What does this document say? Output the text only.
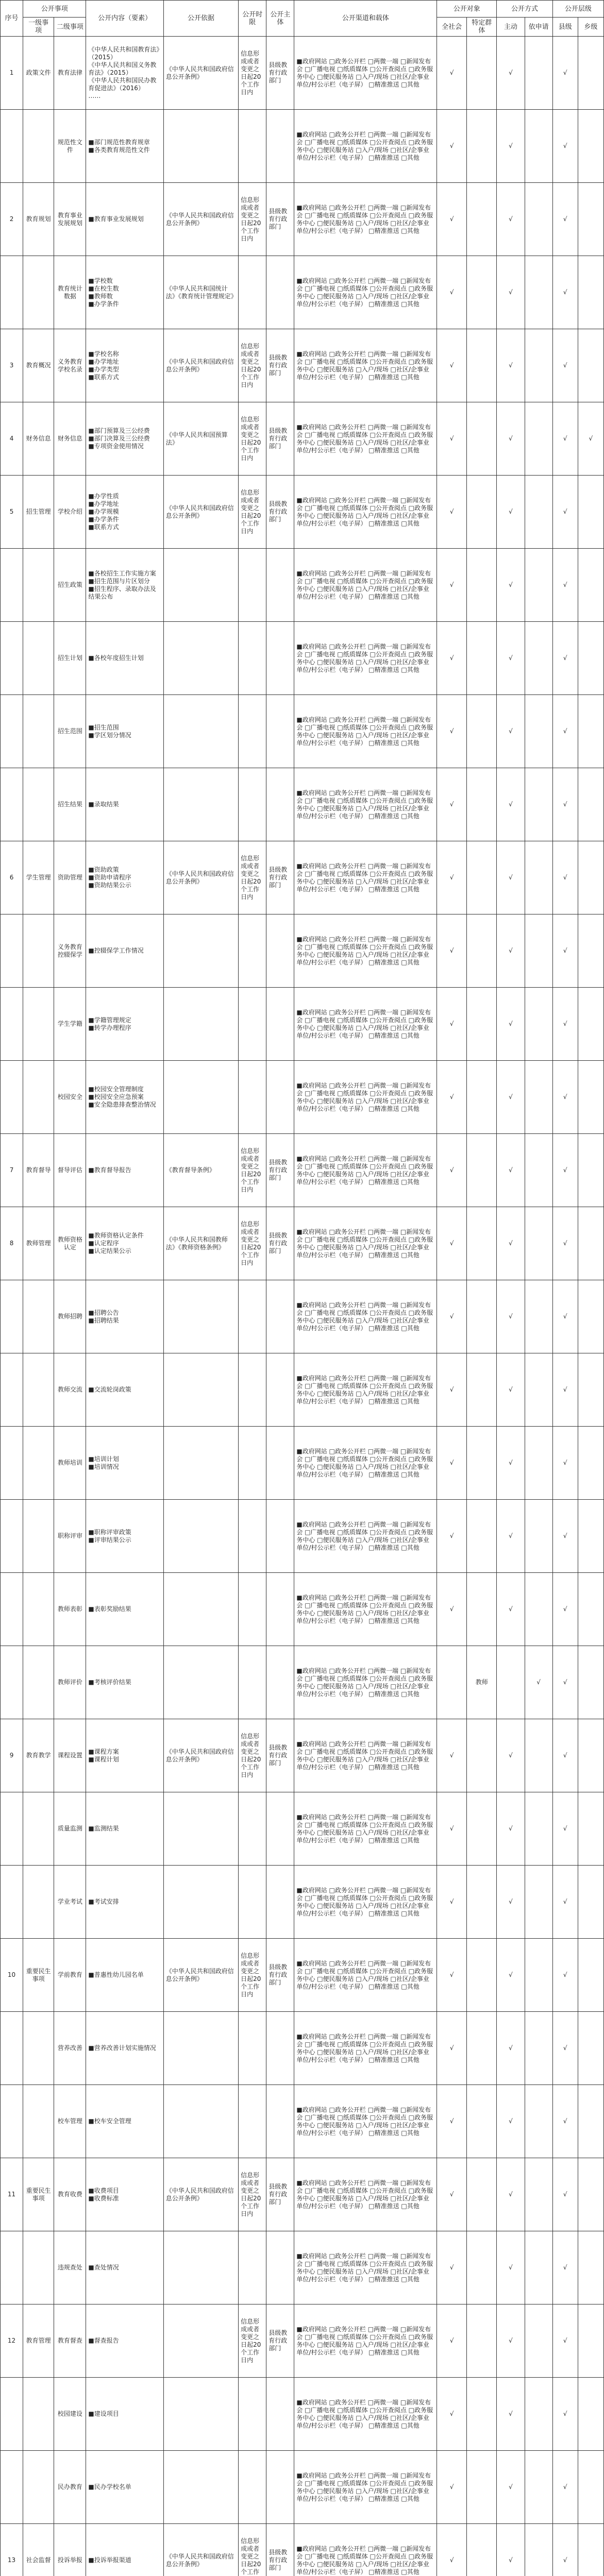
序号	公开事项		公开内容（要素）	公开依据	公开时限	公开主体	公开渠道和载体	公开对象		公开方式		公开层级	
	一级事项	二级事项						全社会	特定群体	主动	依申请	县级	乡级
1	政策文件	教育法律	《中华人民共和国教育法》（2015）
《中华人民共和国义务教育法》（2015）
《中华人民共和国民办教育促进法》（2016）
……	《中华人民共和国政府信息公开条例》	信息形成或者变更之日起20个工作日内	县级教育行政部门	■政府网站 □政务公开栏 □两微一端 □新闻发布会 □广播电视 □纸质媒体 □公开查阅点 □政务服务中心 □便民服务站 □入户/现场 □社区/企事业单位/村公示栏（电子屏） □精准推送 □其他	√		√		√	
		规范性文件	■部门规范性教育规章
■各类教育规范性文件				■政府网站 □政务公开栏 □两微一端 □新闻发布会 □广播电视 □纸质媒体 □公开查阅点 □政务服务中心 □便民服务站 □入户/现场 □社区/企事业单位/村公示栏（电子屏） □精准推送 □其他	√		√		√	
2	教育规划	教育事业发展规划	■教育事业发展规划	《中华人民共和国政府信息公开条例》	信息形成或者变更之日起20个工作日内	县级教育行政部门	■政府网站 □政务公开栏 □两微一端 □新闻发布会 □广播电视 □纸质媒体 □公开查阅点 □政务服务中心 □便民服务站 □入户/现场 □社区/企事业单位/村公示栏（电子屏） □精准推送 □其他	√		√		√	
		教育统计数据	■学校数
■在校生数
■教师数
■办学条件	《中华人民共和国统计法》《教育统计管理规定》			■政府网站 □政务公开栏 □两微一端 □新闻发布会 □广播电视 □纸质媒体 □公开查阅点 □政务服务中心 □便民服务站 □入户/现场 □社区/企事业单位/村公示栏（电子屏） □精准推送 □其他	√		√		√	
3	教育概况	义务教育学校名录	■学校名称
■办学地址
■办学类型
■联系方式	《中华人民共和国政府信息公开条例》	信息形成或者变更之日起20个工作日内	县级教育行政部门	■政府网站 □政务公开栏 □两微一端 □新闻发布会 □广播电视 □纸质媒体 □公开查阅点 □政务服务中心 □便民服务站 □入户/现场 □社区/企事业单位/村公示栏（电子屏） □精准推送 □其他	√		√		√	
4	财务信息	财务信息	■部门预算及三公经费
■部门决算及三公经费
■专项资金使用情况	《中华人民共和国预算法》	信息形成或者变更之日起20个工作日内	县级教育行政部门	■政府网站 □政务公开栏 □两微一端 □新闻发布会 □广播电视 □纸质媒体 □公开查阅点 □政务服务中心 □便民服务站 □入户/现场 □社区/企事业单位/村公示栏（电子屏） □精准推送 □其他	√		√		√	√
5	招生管理	学校介绍	■办学性质
■办学地址
■办学规模
■办学条件
■联系方式	《中华人民共和国政府信息公开条例》	信息形成或者变更之日起20个工作日内	县级教育行政部门	■政府网站 □政务公开栏 □两微一端 □新闻发布会 □广播电视 □纸质媒体 □公开查阅点 □政务服务中心 □便民服务站 □入户/现场 □社区/企事业单位/村公示栏（电子屏） □精准推送 □其他	√		√		√	
		招生政策	■各校招生工作实施方案
■招生范围与片区划分
■招生程序、录取办法及结果公布				■政府网站 □政务公开栏 □两微一端 □新闻发布会 □广播电视 □纸质媒体 □公开查阅点 □政务服务中心 □便民服务站 □入户/现场 □社区/企事业单位/村公示栏（电子屏） □精准推送 □其他	√		√		√	
		招生计划	■各校年度招生计划				■政府网站 □政务公开栏 □两微一端 □新闻发布会 □广播电视 □纸质媒体 □公开查阅点 □政务服务中心 □便民服务站 □入户/现场 □社区/企事业单位/村公示栏（电子屏） □精准推送 □其他	√		√		√	
		招生范围	■招生范围
■学区划分情况				■政府网站 □政务公开栏 □两微一端 □新闻发布会 □广播电视 □纸质媒体 □公开查阅点 □政务服务中心 □便民服务站 □入户/现场 □社区/企事业单位/村公示栏（电子屏） □精准推送 □其他	√		√		√	
		招生结果	■录取结果				■政府网站 □政务公开栏 □两微一端 □新闻发布会 □广播电视 □纸质媒体 □公开查阅点 □政务服务中心 □便民服务站 □入户/现场 □社区/企事业单位/村公示栏（电子屏） □精准推送 □其他	√		√		√	
6	学生管理	资助管理	■资助政策
■资助申请程序
■资助结果公示	《中华人民共和国政府信息公开条例》	信息形成或者变更之日起20个工作日内	县级教育行政部门	■政府网站 □政务公开栏 □两微一端 □新闻发布会 □广播电视 □纸质媒体 □公开查阅点 □政务服务中心 □便民服务站 □入户/现场 □社区/企事业单位/村公示栏（电子屏） □精准推送 □其他	√		√		√	
		义务教育控辍保学	■控辍保学工作情况				■政府网站 □政务公开栏 □两微一端 □新闻发布会 □广播电视 □纸质媒体 □公开查阅点 □政务服务中心 □便民服务站 □入户/现场 □社区/企事业单位/村公示栏（电子屏） □精准推送 □其他	√		√		√	
		学生学籍	■学籍管理规定
■转学办理程序				■政府网站 □政务公开栏 □两微一端 □新闻发布会 □广播电视 □纸质媒体 □公开查阅点 □政务服务中心 □便民服务站 □入户/现场 □社区/企事业单位/村公示栏（电子屏） □精准推送 □其他	√		√		√	
		校园安全	■校园安全管理制度
■校园安全应急预案
■安全隐患排查整治情况				■政府网站 □政务公开栏 □两微一端 □新闻发布会 □广播电视 □纸质媒体 □公开查阅点 □政务服务中心 □便民服务站 □入户/现场 □社区/企事业单位/村公示栏（电子屏） □精准推送 □其他	√		√		√	
7	教育督导	督导评估	■教育督导报告	《教育督导条例》	信息形成或者变更之日起20个工作日内	县级教育行政部门	■政府网站 □政务公开栏 □两微一端 □新闻发布会 □广播电视 □纸质媒体 □公开查阅点 □政务服务中心 □便民服务站 □入户/现场 □社区/企事业单位/村公示栏（电子屏） □精准推送 □其他	√		√		√	
8	教师管理	教师资格认定	■教师资格认定条件
■认定程序
■认定结果公示	《中华人民共和国教师法》《教师资格条例》	信息形成或者变更之日起20个工作日内	县级教育行政部门	■政府网站 □政务公开栏 □两微一端 □新闻发布会 □广播电视 □纸质媒体 □公开查阅点 □政务服务中心 □便民服务站 □入户/现场 □社区/企事业单位/村公示栏（电子屏） □精准推送 □其他	√		√		√	
		教师招聘	■招聘公告
■招聘结果				■政府网站 □政务公开栏 □两微一端 □新闻发布会 □广播电视 □纸质媒体 □公开查阅点 □政务服务中心 □便民服务站 □入户/现场 □社区/企事业单位/村公示栏（电子屏） □精准推送 □其他	√		√		√	
		教师交流	■交流轮岗政策				■政府网站 □政务公开栏 □两微一端 □新闻发布会 □广播电视 □纸质媒体 □公开查阅点 □政务服务中心 □便民服务站 □入户/现场 □社区/企事业单位/村公示栏（电子屏） □精准推送 □其他	√		√		√	
		教师培训	■培训计划
■培训情况				■政府网站 □政务公开栏 □两微一端 □新闻发布会 □广播电视 □纸质媒体 □公开查阅点 □政务服务中心 □便民服务站 □入户/现场 □社区/企事业单位/村公示栏（电子屏） □精准推送 □其他	√		√		√	
		职称评审	■职称评审政策
■评审结果公示				■政府网站 □政务公开栏 □两微一端 □新闻发布会 □广播电视 □纸质媒体 □公开查阅点 □政务服务中心 □便民服务站 □入户/现场 □社区/企事业单位/村公示栏（电子屏） □精准推送 □其他	√		√		√	
		教师表彰	■表彰奖励结果				■政府网站 □政务公开栏 □两微一端 □新闻发布会 □广播电视 □纸质媒体 □公开查阅点 □政务服务中心 □便民服务站 □入户/现场 □社区/企事业单位/村公示栏（电子屏） □精准推送 □其他	√		√		√	
		教师评价	■考核评价结果				■政府网站 □政务公开栏 □两微一端 □新闻发布会 □广播电视 □纸质媒体 □公开查阅点 □政务服务中心 □便民服务站 □入户/现场 □社区/企事业单位/村公示栏（电子屏） □精准推送 □其他		教师		√	√	
9	教育教学	课程设置	■课程方案
■课程计划	《中华人民共和国政府信息公开条例》	信息形成或者变更之日起20个工作日内	县级教育行政部门	■政府网站 □政务公开栏 □两微一端 □新闻发布会 □广播电视 □纸质媒体 □公开查阅点 □政务服务中心 □便民服务站 □入户/现场 □社区/企事业单位/村公示栏（电子屏） □精准推送 □其他	√		√		√	
		质量监测	■监测结果				■政府网站 □政务公开栏 □两微一端 □新闻发布会 □广播电视 □纸质媒体 □公开查阅点 □政务服务中心 □便民服务站 □入户/现场 □社区/企事业单位/村公示栏（电子屏） □精准推送 □其他	√		√		√	
		学业考试	■考试安排				■政府网站 □政务公开栏 □两微一端 □新闻发布会 □广播电视 □纸质媒体 □公开查阅点 □政务服务中心 □便民服务站 □入户/现场 □社区/企事业单位/村公示栏（电子屏） □精准推送 □其他	√		√		√	
10	重要民生事项	学前教育	■普惠性幼儿园名单	《中华人民共和国政府信息公开条例》	信息形成或者变更之日起20个工作日内	县级教育行政部门	■政府网站 □政务公开栏 □两微一端 □新闻发布会 □广播电视 □纸质媒体 □公开查阅点 □政务服务中心 □便民服务站 □入户/现场 □社区/企事业单位/村公示栏（电子屏） □精准推送 □其他	√		√		√	
		营养改善	■营养改善计划实施情况				■政府网站 □政务公开栏 □两微一端 □新闻发布会 □广播电视 □纸质媒体 □公开查阅点 □政务服务中心 □便民服务站 □入户/现场 □社区/企事业单位/村公示栏（电子屏） □精准推送 □其他	√		√		√	
		校车管理	■校车安全管理				■政府网站 □政务公开栏 □两微一端 □新闻发布会 □广播电视 □纸质媒体 □公开查阅点 □政务服务中心 □便民服务站 □入户/现场 □社区/企事业单位/村公示栏（电子屏） □精准推送 □其他	√		√		√	
11	重要民生事项	教育收费	■收费项目
■收费标准	《中华人民共和国政府信息公开条例》	信息形成或者变更之日起20个工作日内	县级教育行政部门	■政府网站 □政务公开栏 □两微一端 □新闻发布会 □广播电视 □纸质媒体 □公开查阅点 □政务服务中心 □便民服务站 □入户/现场 □社区/企事业单位/村公示栏（电子屏） □精准推送 □其他	√		√		√	
		违规查处	■查处情况				■政府网站 □政务公开栏 □两微一端 □新闻发布会 □广播电视 □纸质媒体 □公开查阅点 □政务服务中心 □便民服务站 □入户/现场 □社区/企事业单位/村公示栏（电子屏） □精准推送 □其他	√		√		√	
12	教育管理	教育督查	■督查报告		信息形成或者变更之日起20个工作日内	县级教育行政部门	■政府网站 □政务公开栏 □两微一端 □新闻发布会 □广播电视 □纸质媒体 □公开查阅点 □政务服务中心 □便民服务站 □入户/现场 □社区/企事业单位/村公示栏（电子屏） □精准推送 □其他	√		√		√	
		校园建设	■建设项目				■政府网站 □政务公开栏 □两微一端 □新闻发布会 □广播电视 □纸质媒体 □公开查阅点 □政务服务中心 □便民服务站 □入户/现场 □社区/企事业单位/村公示栏（电子屏） □精准推送 □其他	√		√		√	
		民办教育	■民办学校名单				■政府网站 □政务公开栏 □两微一端 □新闻发布会 □广播电视 □纸质媒体 □公开查阅点 □政务服务中心 □便民服务站 □入户/现场 □社区/企事业单位/村公示栏（电子屏） □精准推送 □其他	√		√		√	
13	社会监督	投诉举报	■投诉举报渠道	《中华人民共和国政府信息公开条例》	信息形成或者变更之日起20个工作	县级教育行政部门	■政府网站 □政务公开栏 □两微一端 □新闻发布会 □广播电视 □纸质媒体 □公开查阅点 □政务服务中心 □便民服务站 □入户/现场 □社区/企事业单位/村公示栏（电子屏） □精准推送 □其他	√		√		√	
